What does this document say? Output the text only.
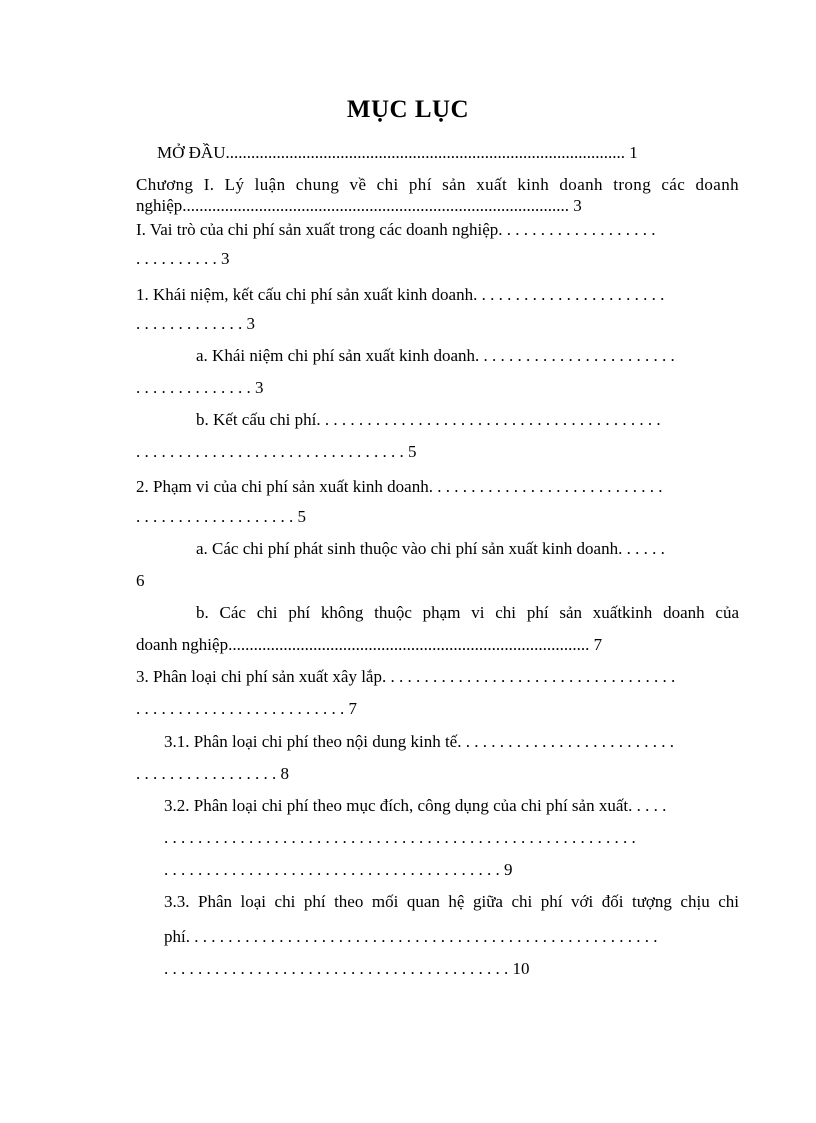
MỤC LỤC
MỞ ĐẦU.............................................................................................. 1
Chương I. Lý luận chung về chi phí sản xuất kinh doanh trong các doanh
nghiệp........................................................................................... 3
I. Vai trò của chi phí sản xuất trong các doanh nghiệp. . . . . . . . . . . . . . . . . . .
. . . . . . . . . . 3
1. Khái niệm, kết cấu chi phí sản xuất kinh doanh. . . . . . . . . . . . . . . . . . . . . . .
. . . . . . . . . . . . . 3
a. Khái niệm chi phí sản xuất kinh doanh. . . . . . . . . . . . . . . . . . . . . . . .
. . . . . . . . . . . . . . 3
b. Kết cấu chi phí. . . . . . . . . . . . . . . . . . . . . . . . . . . . . . . . . . . . . . . . .
. . . . . . . . . . . . . . . . . . . . . . . . . . . . . . . . 5
2. Phạm vi của chi phí sản xuất kinh doanh. . . . . . . . . . . . . . . . . . . . . . . . . . . .
. . . . . . . . . . . . . . . . . . . 5
a. Các chi phí phát sinh thuộc vào chi phí sản xuất kinh doanh. . . . . .
6
b. Các chi phí không thuộc phạm vi chi phí sản xuấtkinh doanh của
doanh nghiệp..................................................................................... 7
3. Phân loại chi phí sản xuất xây lắp. . . . . . . . . . . . . . . . . . . . . . . . . . . . . . . . . . .
. . . . . . . . . . . . . . . . . . . . . . . . . 7
3.1. Phân loại chi phí theo nội dung kinh tế. . . . . . . . . . . . . . . . . . . . . . . . . .
. . . . . . . . . . . . . . . . . 8
3.2. Phân loại chi phí theo mục đích, công dụng của chi phí sản xuất. . . . .
. . . . . . . . . . . . . . . . . . . . . . . . . . . . . . . . . . . . . . . . . . . . . . . . . . . . . . . .
. . . . . . . . . . . . . . . . . . . . . . . . . . . . . . . . . . . . . . . . 9
3.3. Phân loại chi phí theo mối quan hệ giữa chi phí với đối tượng chịu chi
phí. . . . . . . . . . . . . . . . . . . . . . . . . . . . . . . . . . . . . . . . . . . . . . . . . . . . . . . .
. . . . . . . . . . . . . . . . . . . . . . . . . . . . . . . . . . . . . . . . . 10
